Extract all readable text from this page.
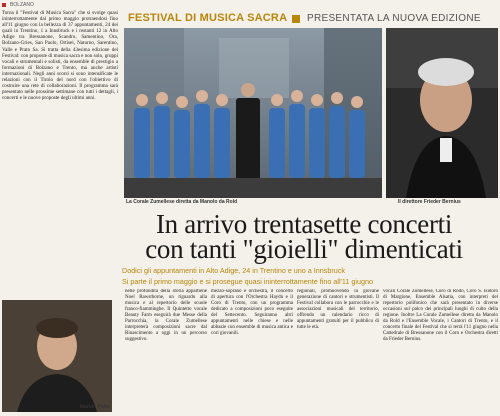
BOLZANO

Torna il "Festival di Musica Sacra" che si svolge quasi ininterrottamente dal primo maggio protraendosi fino all'11 giugno con la bellezza di 37 appuntamenti, 24 dei quali in Trentino, 1 a Innsbruck e i restanti 12 in Alto Adige tra Bressanone, Scandro, Samentino, Ora, Bolzano-Gries, San Paolo, Ortisei, Naturno, Sarentino, Valle e Prato Sa. Si tratta della 43esima edizione del Festival: con proposte di musica sacra e non solo, gruppi vocali e strumentali e solisti, da ensemble di prestigio a formazioni di Bolzano e Trento, ma anche artisti internazionali. Negli anni scorsi si sono intensificate le relazioni con il Tirolo del nord con l'obiettivo di costruire una rete di collaborazioni. Il programma sarà presentato nelle prossime settimane con tutti i dettagli, i concerti e le nuove proposte degli ultimi anni.

FESTIVAL DI MUSICA SACRA PRESENTATA LA NUOVA EDIZIONE
La Corale Zumellese diretta da Manolo da Rold	Il direttore Frieder Bernius
In arrivo trentasette concerti
con tanti "gioielli" dimenticati
Dodici gli appuntamenti in Alto Adige, 24 in Trentino e uno a Innsbruck
Si parte il primo maggio e si prosegue quasi ininterrottamente fino all'11 giugno
Marian Polin

nelle profondità della storia appartiene Noel Rawsthorne, un riguardo alla musica e al repertorio delle scuole franco-fiamminghe. Il Quintetto vocale Beauty Farm eseguirà due Messe della Parrocchia, la Corale Zumellese interpreterà composizioni sacre dal Rinascimento a oggi in un percorso suggestivo.

mezzo-soprano e orchestra, il concerto di apertura con l'Orchestra Haydn e il Coro di Trento, con un programma dedicato a composizioni poco eseguite del Settecento. Seguiranno altri appuntamenti nelle chiese e nelle abbazie con ensemble di musica antica e cori giovanili.

regionali, promuovendo la giovane generazione di cantori e strumentisti. Il Festival collabora con le parrocchie e le associazioni musicali del territorio, offrendo un calendario ricco di appuntamenti gratuiti per il pubblico di tutte le età.

vocali Corale Zumellese, Coro di Rodo, Coro S. Isidoro di Margione, Ensemble Alsatia, con interpreti del repertorio polifonico che sarà presentato in diverse occasioni sul palco dei principali luoghi di culto della regione. Inoltre La Corale Zumellese diretta da Manolo da Rold e l'Ensemble Vocale, i Cantori di Trento, e il concerto finale del Festival che si terrà l'11 giugno nella Cattedrale di Bressanone con il Coro e Orchestra diretti da Frieder Bernius.
